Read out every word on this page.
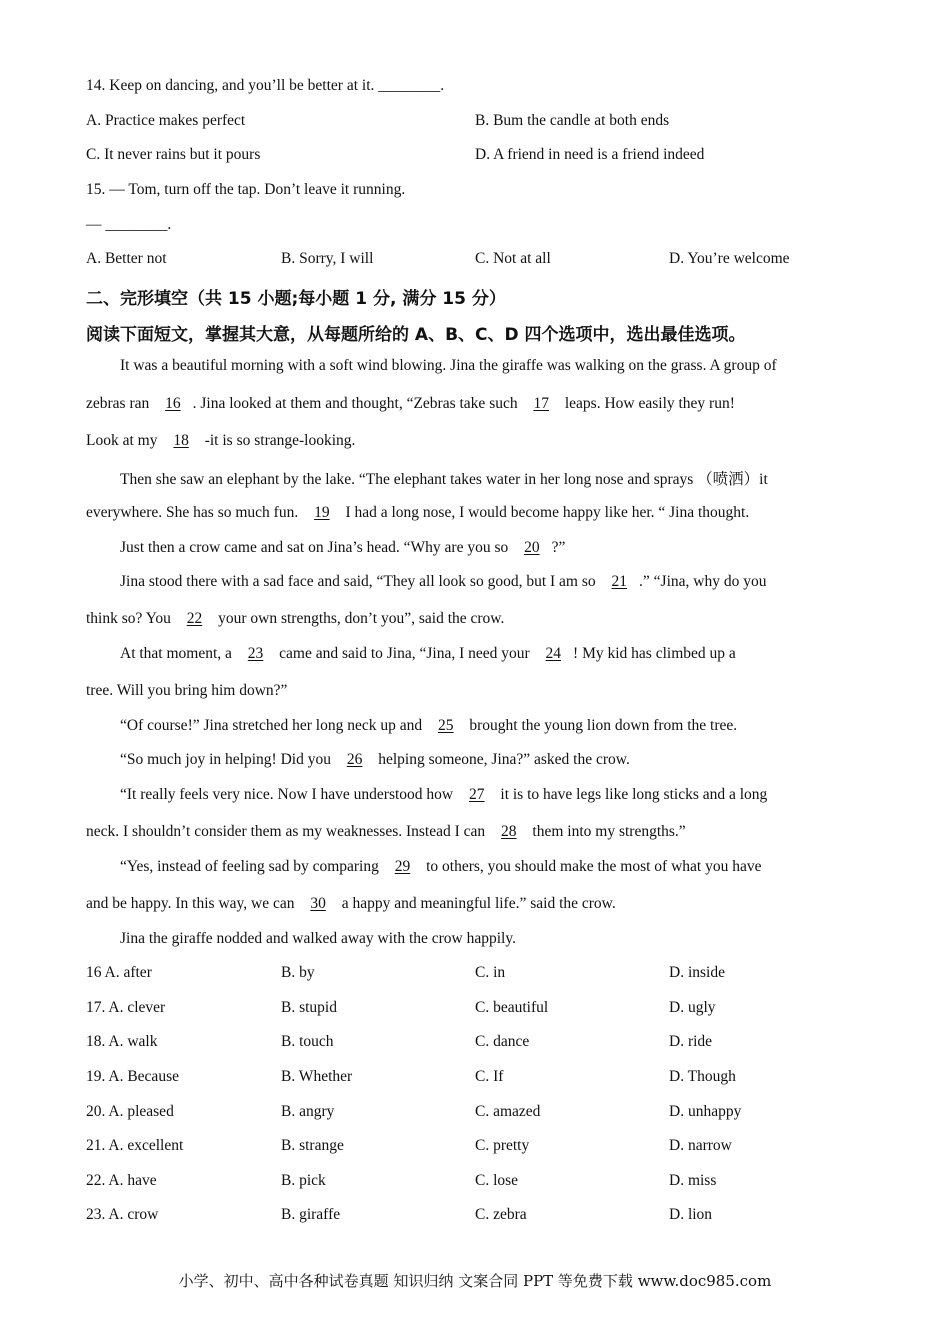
14. Keep on dancing, and you’ll be better at it. ________.
A. Practice makes perfect	B. Bum the candle at both ends
C. It never rains but it pours	D. A friend in need is a friend indeed
15. — Tom, turn off the tap. Don’t leave it running.
— ________.
A. Better not	B. Sorry, I will	C. Not at all	D. You’re welcome
二、完形填空（共 15 小题;每小题 1 分, 满分 15 分）
阅读下面短文，掌握其大意，从每题所给的 A、B、C、D 四个选项中，选出最佳选项。
It was a beautiful morning with a soft wind blowing. Jina the giraffe was walking on the grass. A group of
zebras ran 16 . Jina looked at them and thought, “Zebras take such 17 leaps. How easily they run!
Look at my 18 -it is so strange-looking.
Then she saw an elephant by the lake. “The elephant takes water in her long nose and sprays （喷洒）it
everywhere. She has so much fun. 19 I had a long nose, I would become happy like her. “ Jina thought.
Just then a crow came and sat on Jina’s head. “Why are you so 20 ?”
Jina stood there with a sad face and said, “They all look so good, but I am so 21 .” “Jina, why do you
think so? You 22 your own strengths, don’t you”, said the crow.
At that moment, a 23 came and said to Jina, “Jina, I need your 24 ! My kid has climbed up a
tree. Will you bring him down?”
“Of course!” Jina stretched her long neck up and 25 brought the young lion down from the tree.
“So much joy in helping! Did you 26 helping someone, Jina?” asked the crow.
“It really feels very nice. Now I have understood how 27 it is to have legs like long sticks and a long
neck. I shouldn’t consider them as my weaknesses. Instead I can 28 them into my strengths.”
“Yes, instead of feeling sad by comparing 29 to others, you should make the most of what you have
and be happy. In this way, we can 30 a happy and meaningful life.” said the crow.
Jina the giraffe nodded and walked away with the crow happily.
16 A. after	B. by	C. in	D. inside
17. A. clever	B. stupid	C. beautiful	D. ugly
18. A. walk	B. touch	C. dance	D. ride
19. A. Because	B. Whether	C. If	D. Though
20. A. pleased	B. angry	C. amazed	D. unhappy
21. A. excellent	B. strange	C. pretty	D. narrow
22. A. have	B. pick	C. lose	D. miss
23. A. crow	B. giraffe	C. zebra	D. lion
小学、初中、高中各种试卷真题 知识归纳 文案合同 PPT 等免费下载 www.doc985.com
